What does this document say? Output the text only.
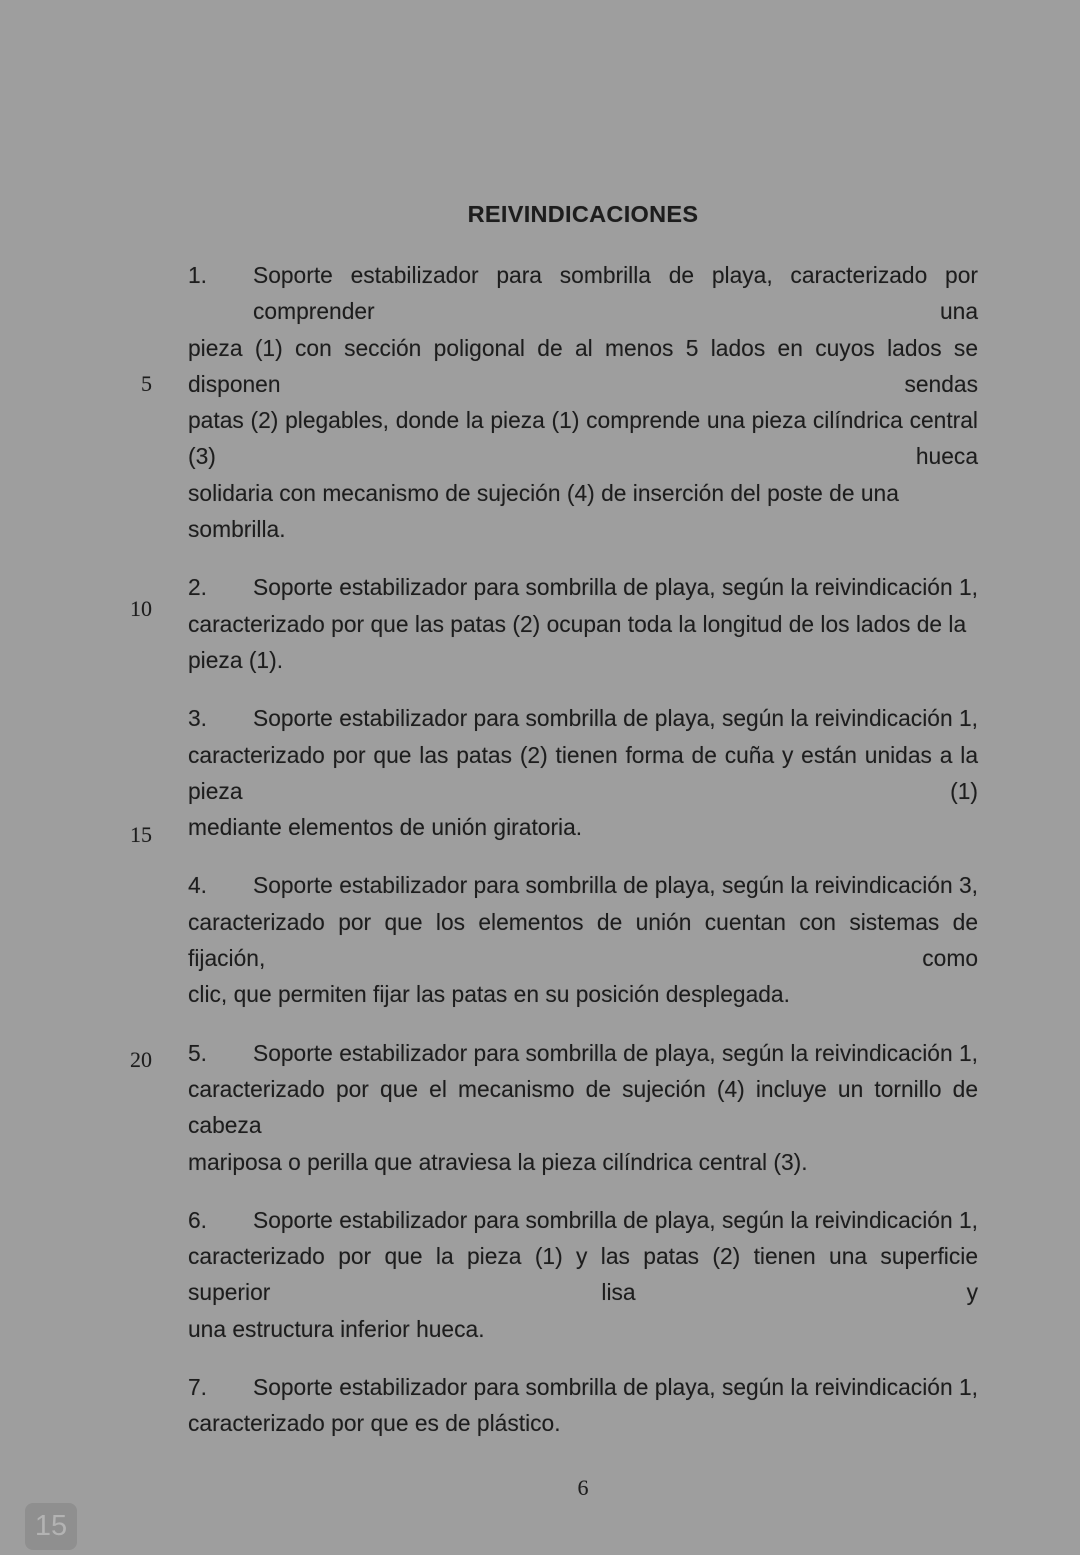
REIVINDICACIONES
5
10
15
20
1. Soporte estabilizador para sombrilla de playa, caracterizado por comprender una
pieza (1) con sección poligonal de al menos 5 lados en cuyos lados se disponen sendas
patas (2) plegables, donde la pieza (1) comprende una pieza cilíndrica central (3) hueca
solidaria con mecanismo de sujeción (4) de inserción del poste de una sombrilla.
2. Soporte estabilizador para sombrilla de playa, según la reivindicación 1,
caracterizado por que las patas (2) ocupan toda la longitud de los lados de la pieza (1).
3. Soporte estabilizador para sombrilla de playa, según la reivindicación 1,
caracterizado por que las patas (2) tienen forma de cuña y están unidas a la pieza (1)
mediante elementos de unión giratoria.
4. Soporte estabilizador para sombrilla de playa, según la reivindicación 3,
caracterizado por que los elementos de unión cuentan con sistemas de fijación, como
clic, que permiten fijar las patas en su posición desplegada.
5. Soporte estabilizador para sombrilla de playa, según la reivindicación 1,
caracterizado por que el mecanismo de sujeción (4) incluye un tornillo de cabeza
mariposa o perilla que atraviesa la pieza cilíndrica central (3).
6. Soporte estabilizador para sombrilla de playa, según la reivindicación 1,
caracterizado por que la pieza (1) y las patas (2) tienen una superficie superior lisa y
una estructura inferior hueca.
7. Soporte estabilizador para sombrilla de playa, según la reivindicación 1,
caracterizado por que es de plástico.
6
15
